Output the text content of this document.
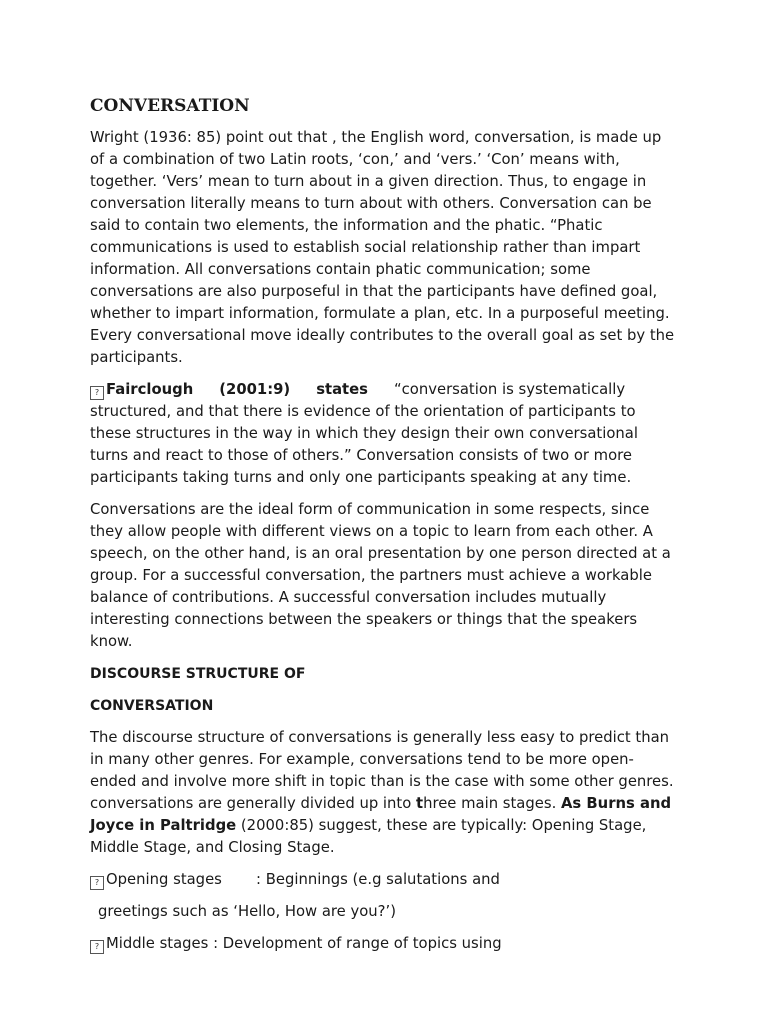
CONVERSATION

Wright (1936: 85) point out that , the English word, conversation, is made up of a combination of two Latin roots, ‘con,’ and ‘vers.’ ‘Con’ means with, together. ‘Vers’ mean to turn about in a given direction. Thus, to engage in conversation literally means to turn about with others. Conversation can be said to contain two elements, the information and the phatic. “Phatic communications is used to establish social relationship rather than impart information. All conversations contain phatic communication; some conversations are also purposeful in that the participants have defined goal, whether to impart information, formulate a plan, etc. In a purposeful meeting. Every conversational move ideally contributes to the overall goal as set by the participants.

? Fairclough (2001:9) states “conversation is systematically structured, and that there is evidence of the orientation of participants to these structures in the way in which they design their own conversational turns and react to those of others.” Conversation consists of two or more participants taking turns and only one participants speaking at any time.

Conversations are the ideal form of communication in some respects, since they allow people with different views on a topic to learn from each other. A speech, on the other hand, is an oral presentation by one person directed at a group. For a successful conversation, the partners must achieve a workable balance of contributions. A successful conversation includes mutually interesting connections between the speakers or things that the speakers know.

DISCOURSE STRUCTURE OF
CONVERSATION

The discourse structure of conversations is generally less easy to predict than in many other genres. For example, conversations tend to be more open-ended and involve more shift in topic than is the case with some other genres. conversations are generally divided up into three main stages. As Burns and Joyce in Paltridge (2000:85) suggest, these are typically: Opening Stage, Middle Stage, and Closing Stage.

? Opening stages : Beginnings (e.g salutations and

greetings such as ‘Hello, How are you?’)

? Middle stages : Development of range of topics using
